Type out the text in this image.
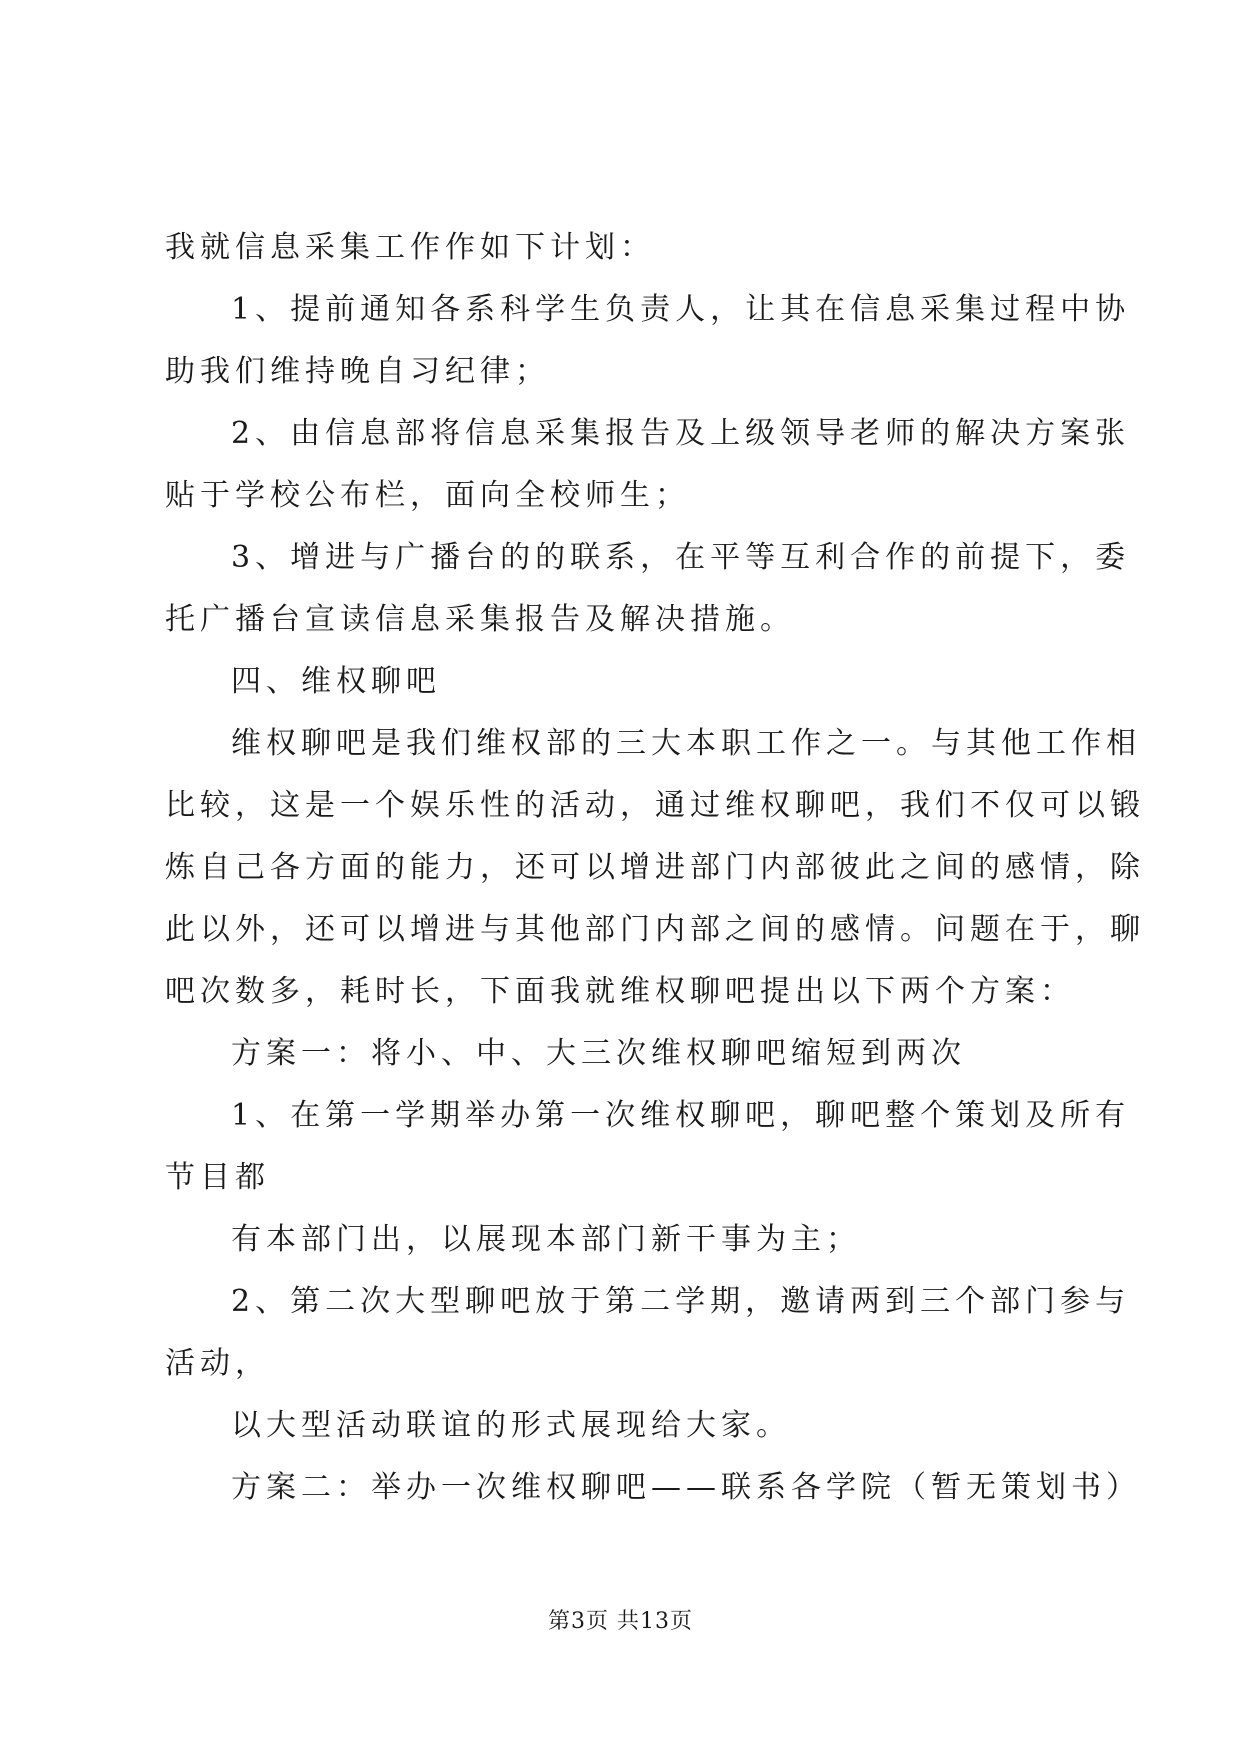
我就信息采集工作作如下计划：
1、提前通知各系科学生负责人，让其在信息采集过程中协
助我们维持晚自习纪律；
2、由信息部将信息采集报告及上级领导老师的解决方案张
贴于学校公布栏，面向全校师生；
3、增进与广播台的的联系，在平等互利合作的前提下，委
托广播台宣读信息采集报告及解决措施。
四、维权聊吧
维权聊吧是我们维权部的三大本职工作之一。与其他工作相
比较，这是一个娱乐性的活动，通过维权聊吧，我们不仅可以锻
炼自己各方面的能力，还可以增进部门内部彼此之间的感情，除
此以外，还可以增进与其他部门内部之间的感情。问题在于，聊
吧次数多，耗时长，下面我就维权聊吧提出以下两个方案：
方案一：将小、中、大三次维权聊吧缩短到两次
1、在第一学期举办第一次维权聊吧，聊吧整个策划及所有
节目都
有本部门出，以展现本部门新干事为主；
2、第二次大型聊吧放于第二学期，邀请两到三个部门参与
活动，
以大型活动联谊的形式展现给大家。
方案二：举办一次维权聊吧——联系各学院（暂无策划书）
第3页 共13页
